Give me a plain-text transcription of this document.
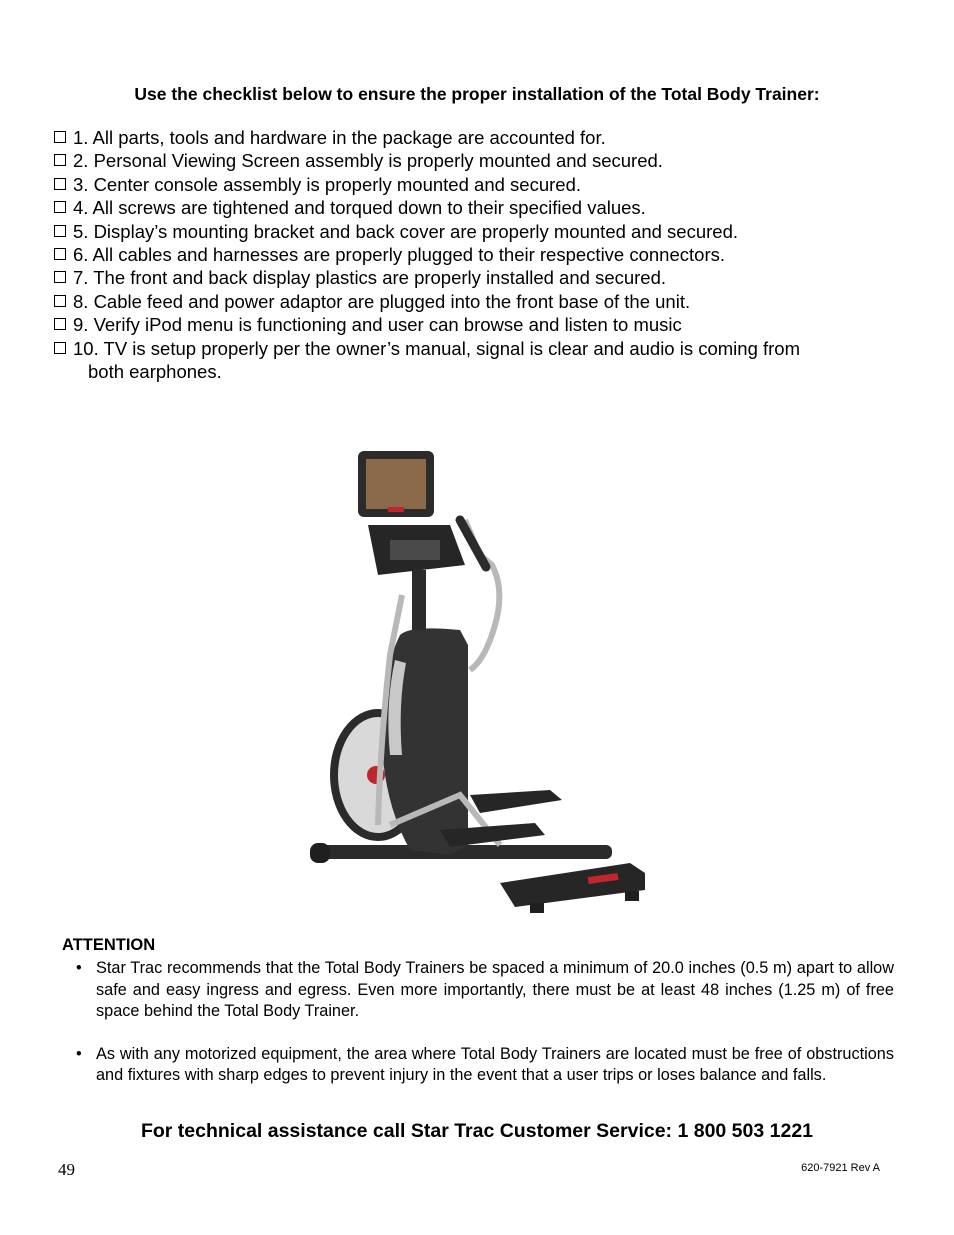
Use the checklist below to ensure the proper installation of the Total Body Trainer:
1. All parts, tools and hardware in the package are accounted for.
2. Personal Viewing Screen assembly is properly mounted and secured.
3. Center console assembly is properly mounted and secured.
4. All screws are tightened and torqued down to their specified values.
5. Display’s mounting bracket and back cover are properly mounted and secured.
6. All cables and harnesses are properly plugged to their respective connectors.
7. The front and back display plastics are properly installed and secured.
8. Cable feed and power adaptor are plugged into the front base of the unit.
9. Verify iPod menu is functioning and user can browse and listen to music
10. TV is setup properly per the owner’s manual, signal is clear and audio is coming from
both earphones.
ATTENTION
• Star Trac recommends that the Total Body Trainers be spaced a minimum of 20.0 inches (0.5 m) apart to allow safe and easy ingress and egress. Even more importantly, there must be at least 48 inches (1.25 m) of free space behind the Total Body Trainer.
• As with any motorized equipment, the area where Total Body Trainers are located must be free of obstructions and fixtures with sharp edges to prevent injury in the event that a user trips or loses balance and falls.
For technical assistance call Star Trac Customer Service: 1 800 503 1221
49	620-7921 Rev A
